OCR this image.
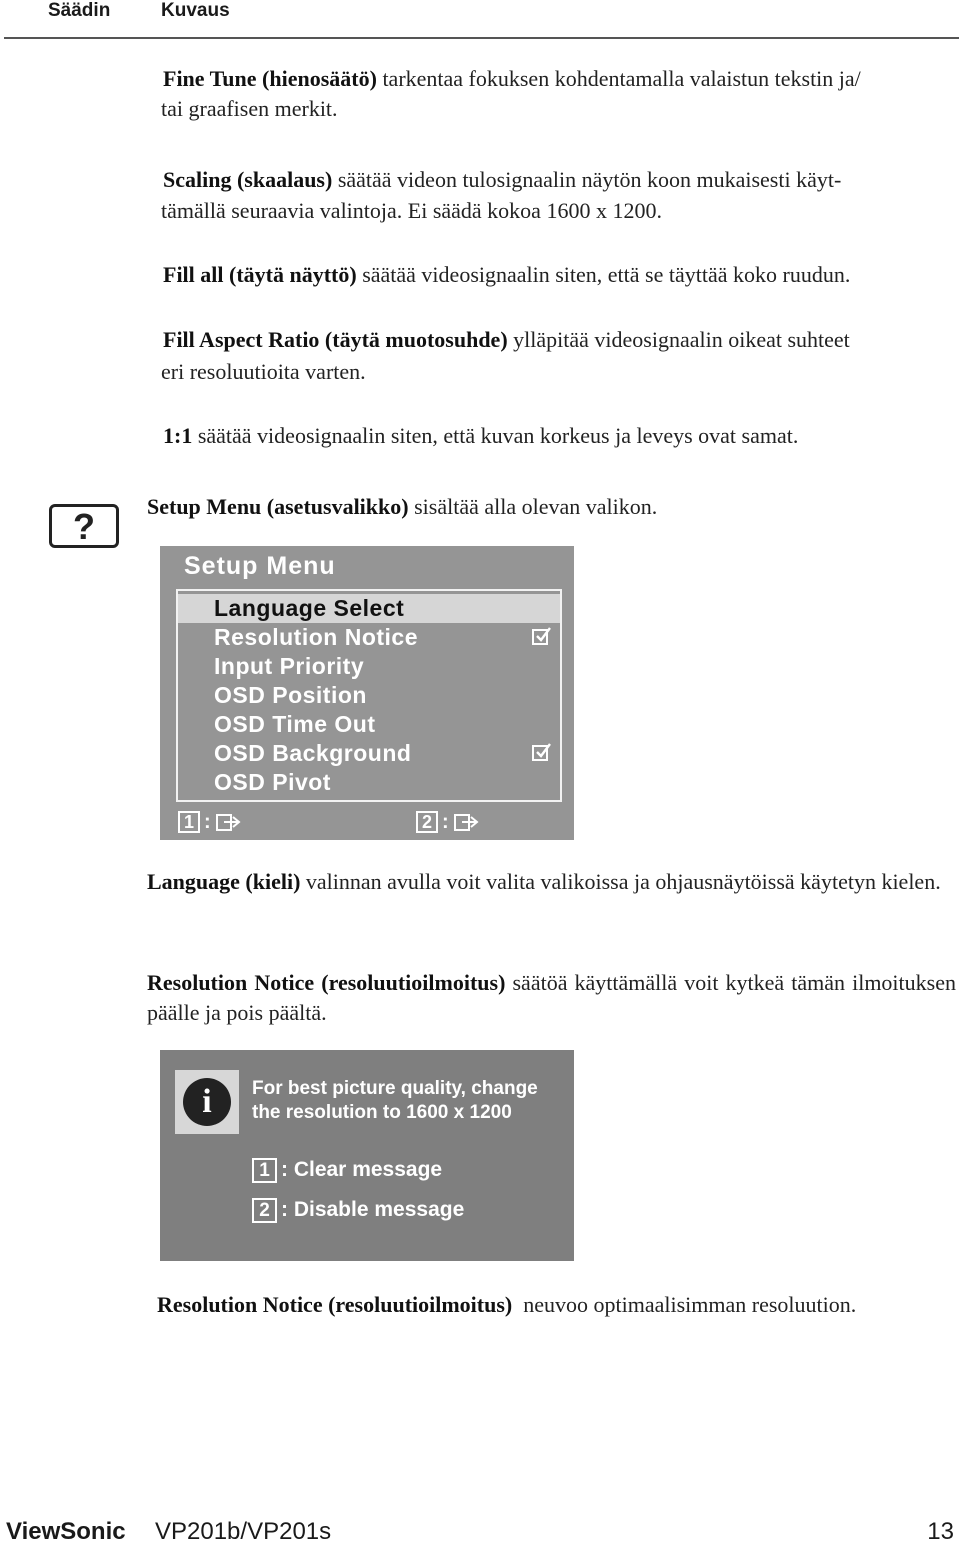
Säädin	Kuvaus
Fine Tune (hienosäätö) tarkentaa fokuksen kohdentamalla valaistun tekstin ja/
tai graafisen merkit.
Scaling (skaalaus) säätää videon tulosignaalin näytön koon mukaisesti käyt-
tämällä seuraavia valintoja. Ei säädä kokoa 1600 x 1200.
Fill all (täytä näyttö) säätää videosignaalin siten, että se täyttää koko ruudun.
Fill Aspect Ratio (täytä muotosuhde) ylläpitää videosignaalin oikeat suhteet
eri resoluutioita varten.
1:1 säätää videosignaalin siten, että kuvan korkeus ja leveys ovat samat.
?	Setup Menu (asetusvalikko) sisältää alla olevan valikon.
Setup Menu
Language Select
Resolution Notice
Input Priority
OSD Position
OSD Time Out
OSD Background
OSD Pivot
1 :	2 :
Language (kieli) valinnan avulla voit valita valikoissa ja ohjausnäytöissä käytetyn kielen.
Resolution Notice (resoluutioilmoitus) säätöä käyttämällä voit kytkeä tämän ilmoituksen päälle ja pois päältä.
i	For best picture quality, change
the resolution to 1600 x 1200
1 : Clear message
2 : Disable message
Resolution Notice (resoluutioilmoitus)  neuvoo optimaalisimman resoluution.
ViewSonic VP201b/VP201s	13
